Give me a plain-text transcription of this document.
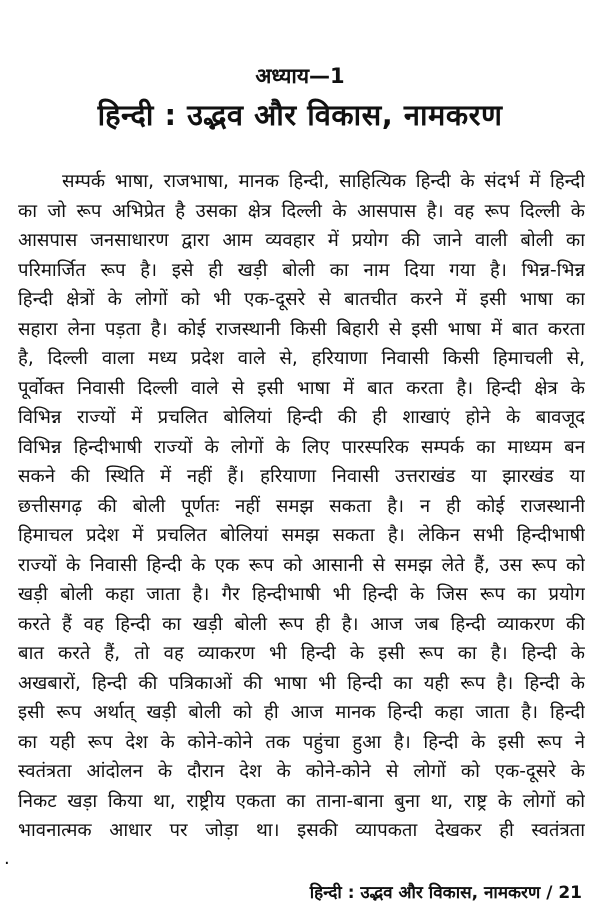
अध्याय—1
हिन्दी : उद्भव और विकास, नामकरण
सम्पर्क भाषा, राजभाषा, मानक हिन्दी, साहित्यिक हिन्दी के संदर्भ में हिन्दी
का जो रूप अभिप्रेत है उसका क्षेत्र दिल्ली के आसपास है। वह रूप दिल्ली के
आसपास जनसाधारण द्वारा आम व्यवहार में प्रयोग की जाने वाली बोली का
परिमार्जित रूप है। इसे ही खड़ी बोली का नाम दिया गया है। भिन्न-भिन्न
हिन्दी क्षेत्रों के लोगों को भी एक-दूसरे से बातचीत करने में इसी भाषा का
सहारा लेना पड़ता है। कोई राजस्थानी किसी बिहारी से इसी भाषा में बात करता
है, दिल्ली वाला मध्य प्रदेश वाले से, हरियाणा निवासी किसी हिमाचली से,
पूर्वोक्त निवासी दिल्ली वाले से इसी भाषा में बात करता है। हिन्दी क्षेत्र के
विभिन्न राज्यों में प्रचलित बोलियां हिन्दी की ही शाखाएं होने के बावजूद
विभिन्न हिन्दीभाषी राज्यों के लोगों के लिए पारस्परिक सम्पर्क का माध्यम बन
सकने की स्थिति में नहीं हैं। हरियाणा निवासी उत्तराखंड या झारखंड या
छत्तीसगढ़ की बोली पूर्णतः नहीं समझ सकता है। न ही कोई राजस्थानी
हिमाचल प्रदेश में प्रचलित बोलियां समझ सकता है। लेकिन सभी हिन्दीभाषी
राज्यों के निवासी हिन्दी के एक रूप को आसानी से समझ लेते हैं, उस रूप को
खड़ी बोली कहा जाता है। गैर हिन्दीभाषी भी हिन्दी के जिस रूप का प्रयोग
करते हैं वह हिन्दी का खड़ी बोली रूप ही है। आज जब हिन्दी व्याकरण की
बात करते हैं, तो वह व्याकरण भी हिन्दी के इसी रूप का है। हिन्दी के
अखबारों, हिन्दी की पत्रिकाओं की भाषा भी हिन्दी का यही रूप है। हिन्दी के
इसी रूप अर्थात् खड़ी बोली को ही आज मानक हिन्दी कहा जाता है। हिन्दी
का यही रूप देश के कोने-कोने तक पहुंचा हुआ है। हिन्दी के इसी रूप ने
स्वतंत्रता आंदोलन के दौरान देश के कोने-कोने से लोगों को एक-दूसरे के
निकट खड़ा किया था, राष्ट्रीय एकता का ताना-बाना बुना था, राष्ट्र के लोगों को
भावनात्मक आधार पर जोड़ा था। इसकी व्यापकता देखकर ही स्वतंत्रता
·
हिन्दी : उद्भव और विकास, नामकरण / 21
